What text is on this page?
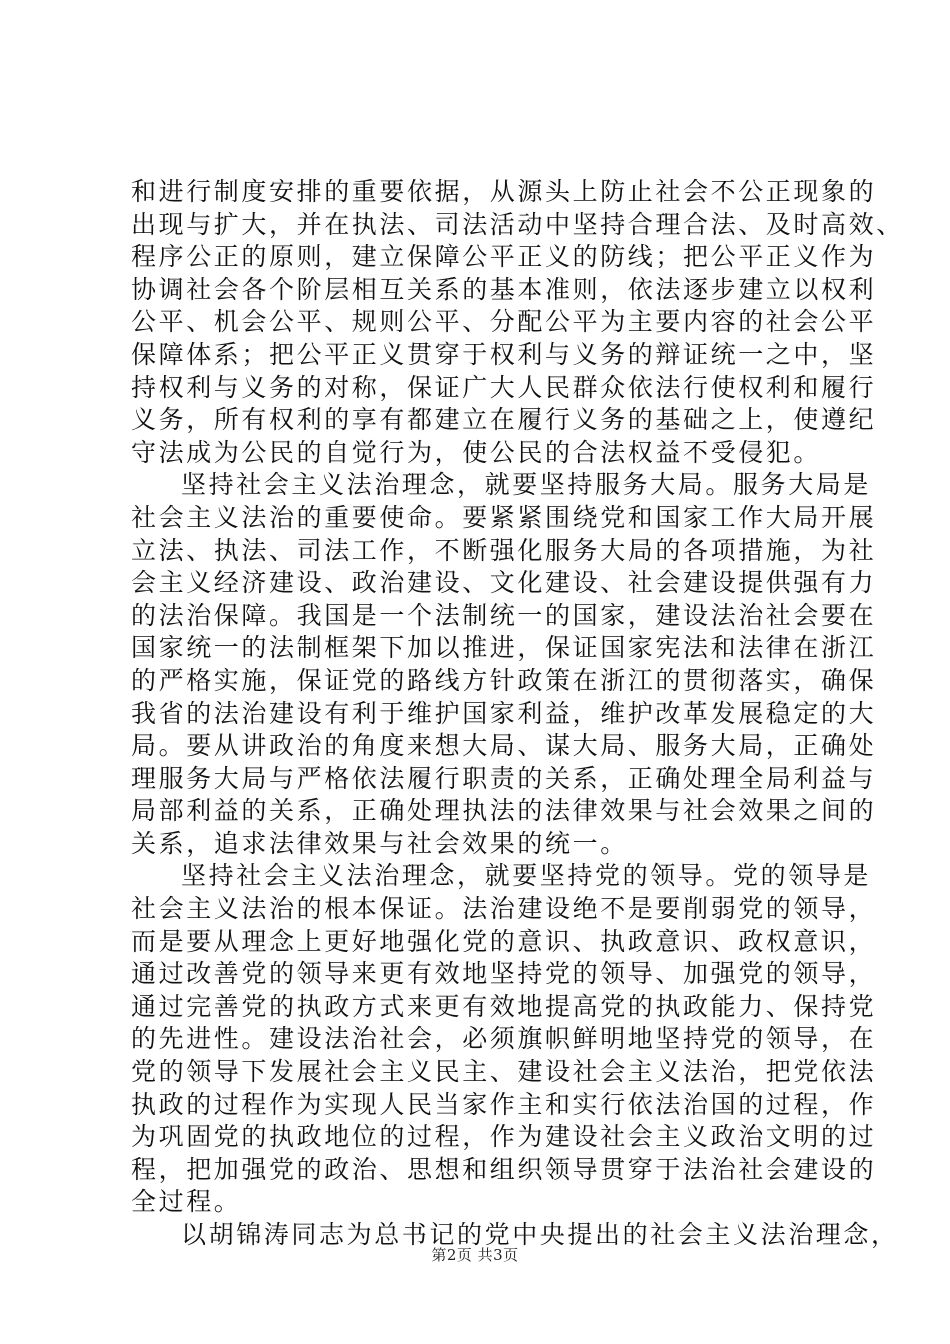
和进行制度安排的重要依据，从源头上防止社会不公正现象的
出现与扩大，并在执法、司法活动中坚持合理合法、及时高效、
程序公正的原则，建立保障公平正义的防线；把公平正义作为
协调社会各个阶层相互关系的基本准则，依法逐步建立以权利
公平、机会公平、规则公平、分配公平为主要内容的社会公平
保障体系；把公平正义贯穿于权利与义务的辩证统一之中，坚
持权利与义务的对称，保证广大人民群众依法行使权利和履行
义务，所有权利的享有都建立在履行义务的基础之上，使遵纪
守法成为公民的自觉行为，使公民的合法权益不受侵犯。
坚持社会主义法治理念，就要坚持服务大局。服务大局是
社会主义法治的重要使命。要紧紧围绕党和国家工作大局开展
立法、执法、司法工作，不断强化服务大局的各项措施，为社
会主义经济建设、政治建设、文化建设、社会建设提供强有力
的法治保障。我国是一个法制统一的国家，建设法治社会要在
国家统一的法制框架下加以推进，保证国家宪法和法律在浙江
的严格实施，保证党的路线方针政策在浙江的贯彻落实，确保
我省的法治建设有利于维护国家利益，维护改革发展稳定的大
局。要从讲政治的角度来想大局、谋大局、服务大局，正确处
理服务大局与严格依法履行职责的关系，正确处理全局利益与
局部利益的关系，正确处理执法的法律效果与社会效果之间的
关系，追求法律效果与社会效果的统一。
坚持社会主义法治理念，就要坚持党的领导。党的领导是
社会主义法治的根本保证。法治建设绝不是要削弱党的领导，
而是要从理念上更好地强化党的意识、执政意识、政权意识，
通过改善党的领导来更有效地坚持党的领导、加强党的领导，
通过完善党的执政方式来更有效地提高党的执政能力、保持党
的先进性。建设法治社会，必须旗帜鲜明地坚持党的领导，在
党的领导下发展社会主义民主、建设社会主义法治，把党依法
执政的过程作为实现人民当家作主和实行依法治国的过程，作
为巩固党的执政地位的过程，作为建设社会主义政治文明的过
程，把加强党的政治、思想和组织领导贯穿于法治社会建设的
全过程。
以胡锦涛同志为总书记的党中央提出的社会主义法治理念，
第2页 共3页
